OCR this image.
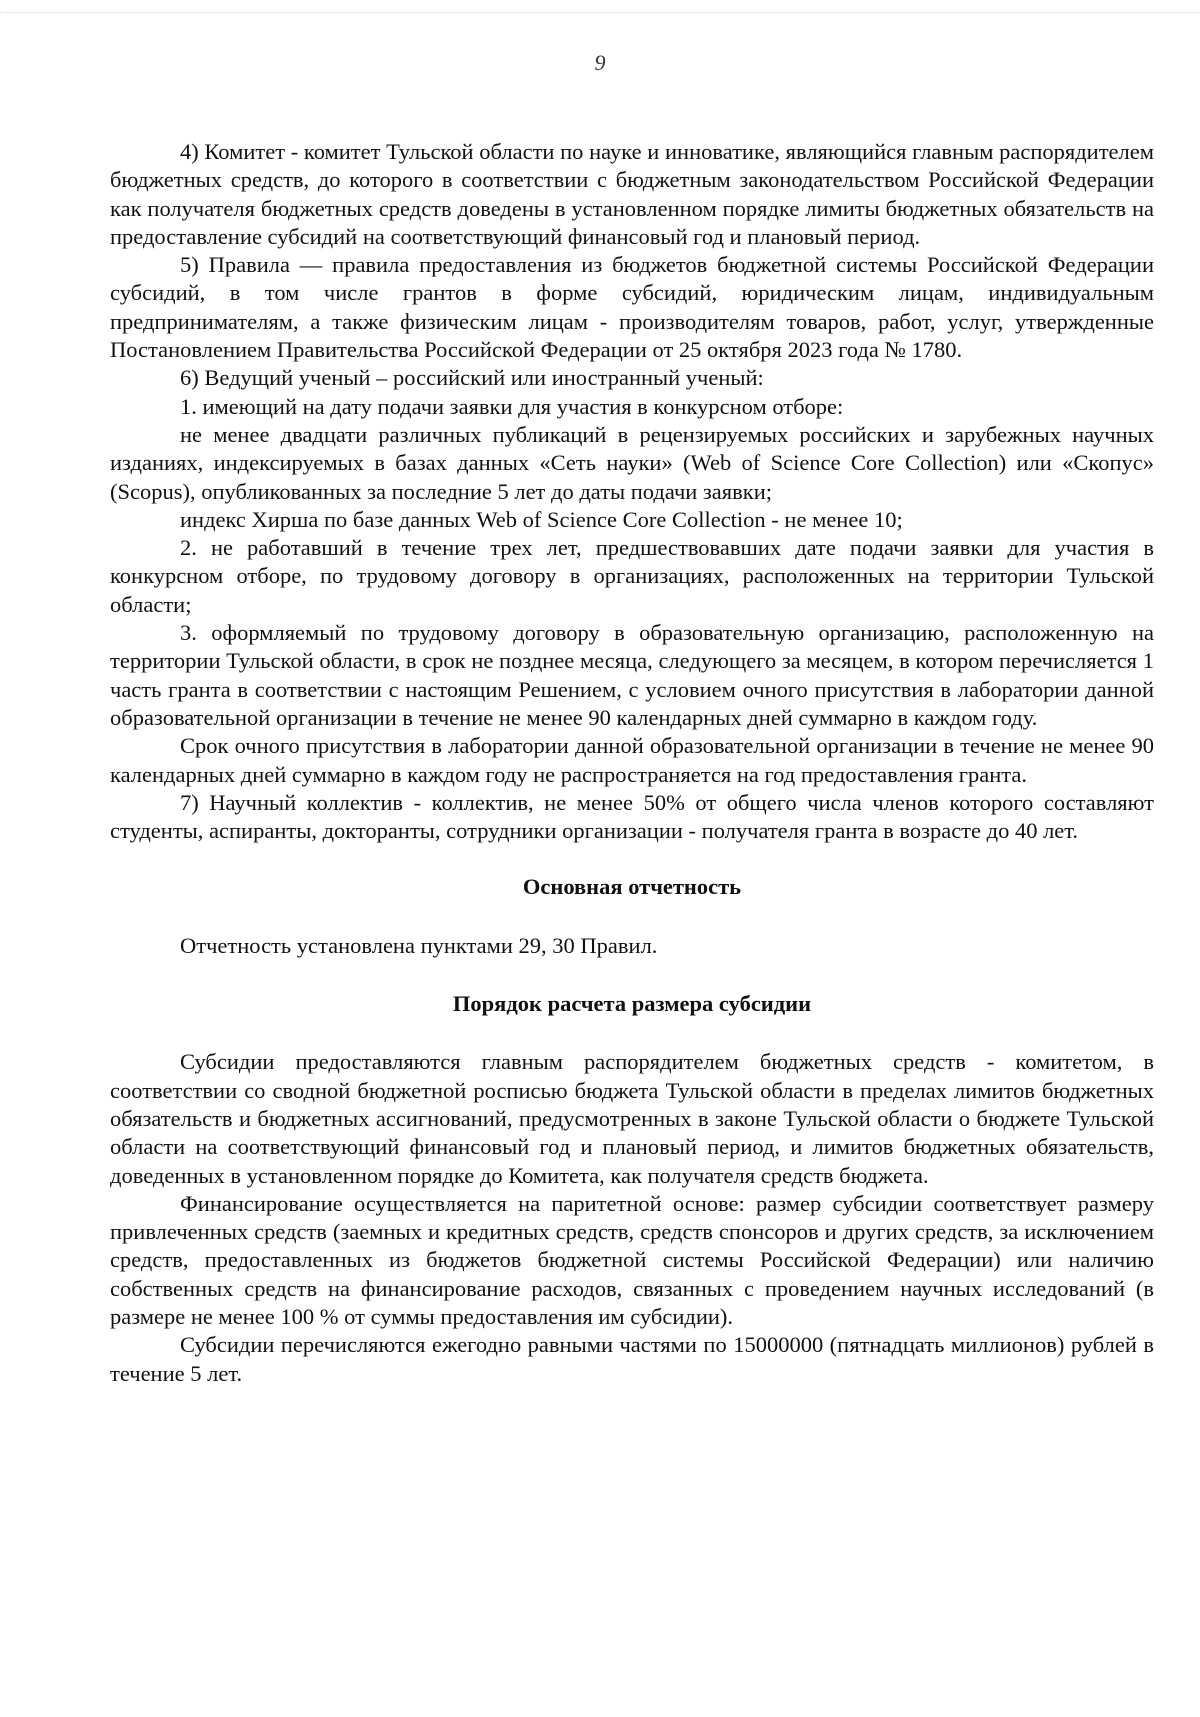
9

4) Комитет - комитет Тульской области по науке и инноватике, являющийся главным распорядителем бюджетных средств, до которого в соответствии с бюджетным законодательством Российской Федерации как получателя бюджетных средств доведены в установленном порядке лимиты бюджетных обязательств на предоставление субсидий на соответствующий финансовый год и плановый период.

5) Правила — правила предоставления из бюджетов бюджетной системы Российской Федерации субсидий, в том числе грантов в форме субсидий, юридическим лицам, индивидуальным предпринимателям, а также физическим лицам - производителям товаров, работ, услуг, утвержденные Постановлением Правительства Российской Федерации от 25 октября 2023 года № 1780.

6) Ведущий ученый – российский или иностранный ученый:

1. имеющий на дату подачи заявки для участия в конкурсном отборе:

не менее двадцати различных публикаций в рецензируемых российских и зарубежных научных изданиях, индексируемых в базах данных «Сеть науки» (Web of Science Core Collection) или «Скопус» (Scopus), опубликованных за последние 5 лет до даты подачи заявки;

индекс Хирша по базе данных Web of Science Core Collection - не менее 10;

2. не работавший в течение трех лет, предшествовавших дате подачи заявки для участия в конкурсном отборе, по трудовому договору в организациях, расположенных на территории Тульской области;

3. оформляемый по трудовому договору в образовательную организацию, расположенную на территории Тульской области, в срок не позднее месяца, следующего за месяцем, в котором перечисляется 1 часть гранта в соответствии с настоящим Решением, с условием очного присутствия в лаборатории данной образовательной организации в течение не менее 90 календарных дней суммарно в каждом году.

Срок очного присутствия в лаборатории данной образовательной организации в течение не менее 90 календарных дней суммарно в каждом году не распространяется на год предоставления гранта.

7) Научный коллектив - коллектив, не менее 50% от общего числа членов которого составляют студенты, аспиранты, докторанты, сотрудники организации - получателя гранта в возрасте до 40 лет.

Основная отчетность

Отчетность установлена пунктами 29, 30 Правил.

Порядок расчета размера субсидии

Субсидии предоставляются главным распорядителем бюджетных средств - комитетом, в соответствии со сводной бюджетной росписью бюджета Тульской области в пределах лимитов бюджетных обязательств и бюджетных ассигнований, предусмотренных в законе Тульской области о бюджете Тульской области на соответствующий финансовый год и плановый период, и лимитов бюджетных обязательств, доведенных в установленном порядке до Комитета, как получателя средств бюджета.

Финансирование осуществляется на паритетной основе: размер субсидии соответствует размеру привлеченных средств (заемных и кредитных средств, средств спонсоров и других средств, за исключением средств, предоставленных из бюджетов бюджетной системы Российской Федерации) или наличию собственных средств на финансирование расходов, связанных с проведением научных исследований (в размере не менее 100 % от суммы предоставления им субсидии).

Субсидии перечисляются ежегодно равными частями по 15000000 (пятнадцать миллионов) рублей в течение 5 лет.
